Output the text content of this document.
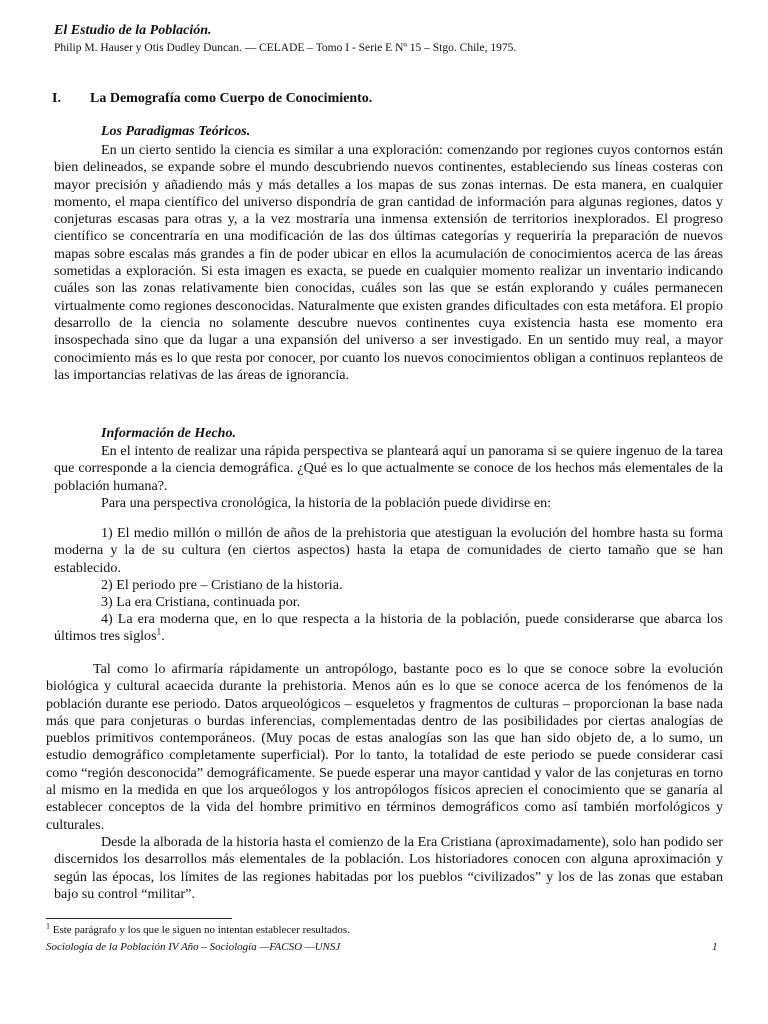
El Estudio de la Población.
Philip M. Hauser y Otis Dudley Duncan. — CELADE – Tomo I - Serie E Nº 15 – Stgo. Chile, 1975.
I. La Demografía como Cuerpo de Conocimiento.
Los Paradigmas Teóricos.

En un cierto sentido la ciencia es similar a una exploración: comenzando por regiones cuyos contornos están bien delineados, se expande sobre el mundo descubriendo nuevos continentes, estableciendo sus líneas costeras con mayor precisión y añadiendo más y más detalles a los mapas de sus zonas internas. De esta manera, en cualquier momento, el mapa científico del universo dispondría de gran cantidad de información para algunas regiones, datos y conjeturas escasas para otras y, a la vez mostraría una inmensa extensión de territorios inexplorados. El progreso científico se concentraría en una modificación de las dos últimas categorías y requeriría la preparación de nuevos mapas sobre escalas más grandes a fin de poder ubicar en ellos la acumulación de conocimientos acerca de las áreas sometidas a exploración. Si esta imagen es exacta, se puede en cualquier momento realizar un inventario indicando cuáles son las zonas relativamente bien conocidas, cuáles son las que se están explorando y cuáles permanecen virtualmente como regiones desconocidas. Naturalmente que existen grandes dificultades con esta metáfora. El propio desarrollo de la ciencia no solamente descubre nuevos continentes cuya existencia hasta ese momento era insospechada sino que da lugar a una expansión del universo a ser investigado. En un sentido muy real, a mayor conocimiento más es lo que resta por conocer, por cuanto los nuevos conocimientos obligan a continuos replanteos de las importancias relativas de las áreas de ignorancia.

Información de Hecho.

En el intento de realizar una rápida perspectiva se planteará aquí un panorama si se quiere ingenuo de la tarea que corresponde a la ciencia demográfica. ¿Qué es lo que actualmente se conoce de los hechos más elementales de la población humana?.

Para una perspectiva cronológica, la historia de la población puede dividirse en:

1) El medio millón o millón de años de la prehistoria que atestiguan la evolución del hombre hasta su forma moderna y la de su cultura (en ciertos aspectos) hasta la etapa de comunidades de cierto tamaño que se han establecido.

2) El periodo pre – Cristiano de la historia.

3) La era Cristiana, continuada por.

4) La era moderna que, en lo que respecta a la historia de la población, puede considerarse que abarca los últimos tres siglos$^1$.

Tal como lo afirmaría rápidamente un antropólogo, bastante poco es lo que se conoce sobre la evolución biológica y cultural acaecida durante la prehistoria. Menos aún es lo que se conoce acerca de los fenómenos de la población durante ese periodo. Datos arqueológicos – esqueletos y fragmentos de culturas – proporcionan la base nada más que para conjeturas o burdas inferencias, complementadas dentro de las posibilidades por ciertas analogías de pueblos primitivos contemporáneos. (Muy pocas de estas analogías son las que han sido objeto de, a lo sumo, un estudio demográfico completamente superficial). Por lo tanto, la totalidad de este periodo se puede considerar casi como “región desconocida” demográficamente. Se puede esperar una mayor cantidad y valor de las conjeturas en torno al mismo en la medida en que los arqueólogos y los antropólogos físicos aprecien el conocimiento que se ganaría al establecer conceptos de la vida del hombre primitivo en términos demográficos como así también morfológicos y culturales.

Desde la alborada de la historia hasta el comienzo de la Era Cristiana (aproximadamente), solo han podido ser discernidos los desarrollos más elementales de la población. Los historiadores conocen con alguna aproximación y según las épocas, los límites de las regiones habitadas por los pueblos “civilizados” y los de las zonas que estaban bajo su control “militar”.

$^1$ Este parágrafo y los que le siguen no intentan establecer resultados.
Sociología de la Población IV Año – Sociología —FACSO —UNSJ	1
